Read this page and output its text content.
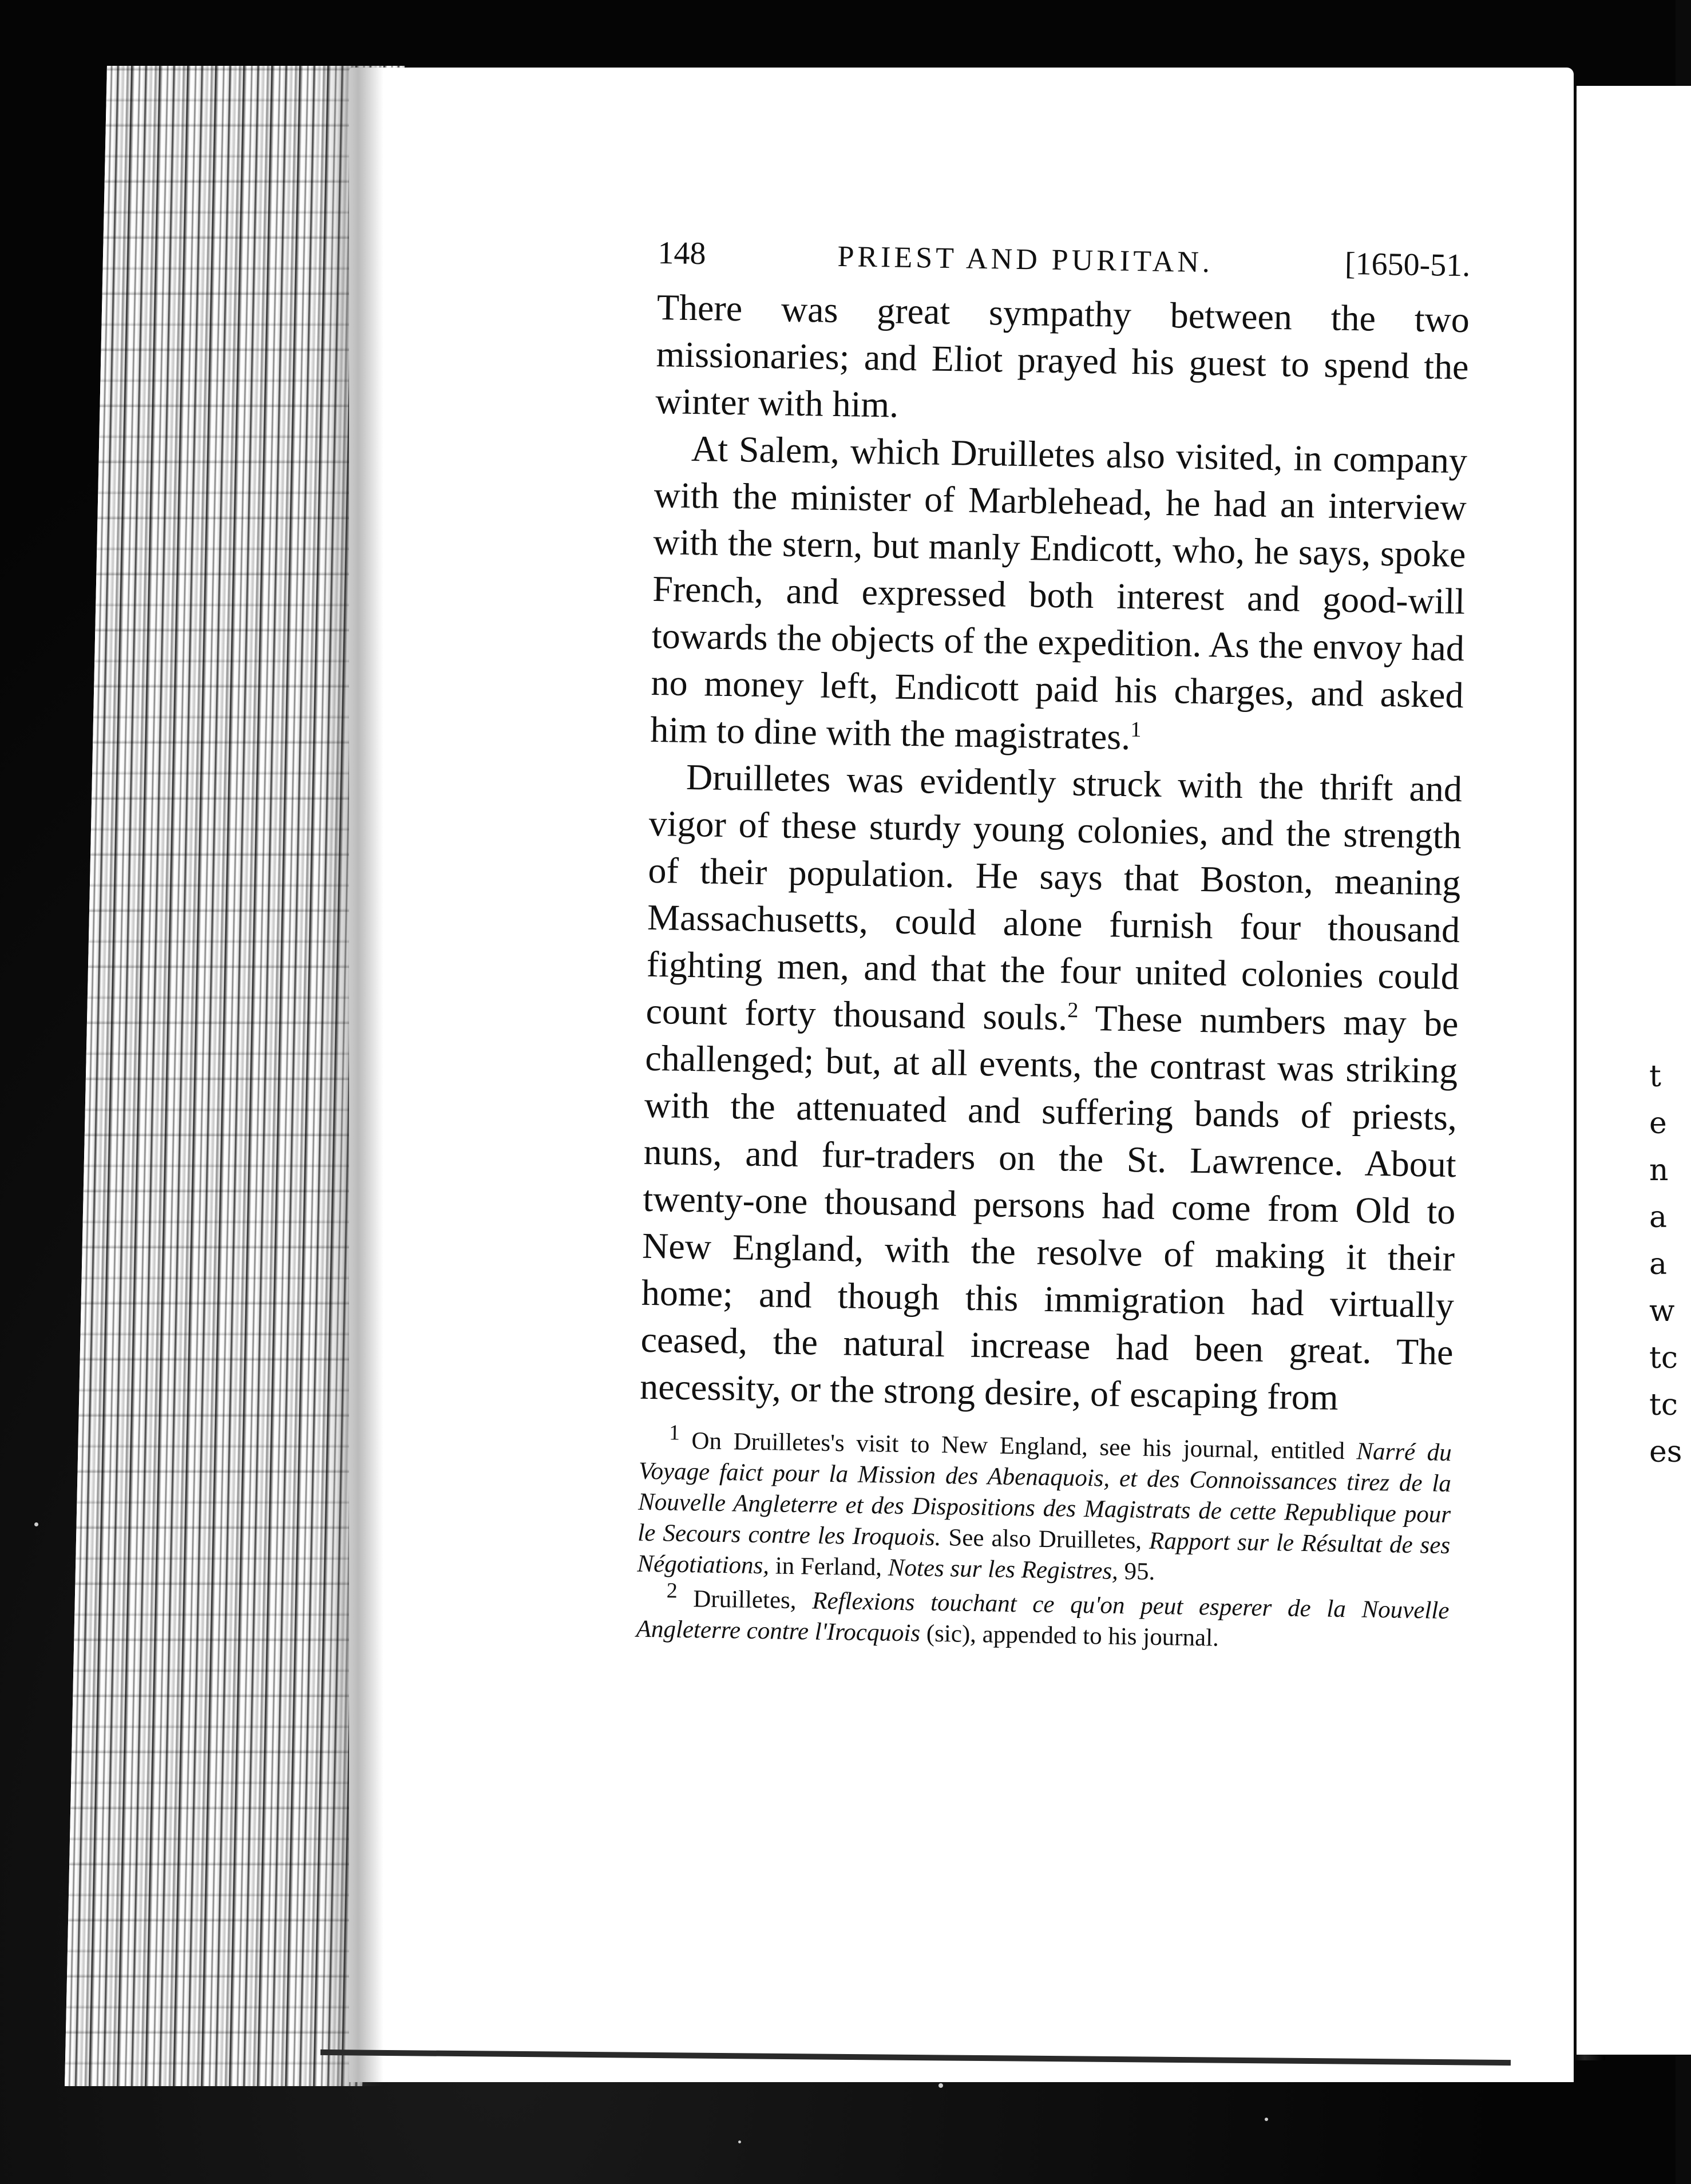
t
e
n
a
a
w
tc
tc
es
148	PRIEST AND PURITAN.	[1650-51.

There was great sympathy between the two missionaries; and Eliot prayed his guest to spend the winter with him.

At Salem, which Druilletes also visited, in company with the minister of Marblehead, he had an interview with the stern, but manly Endicott, who, he says, spoke French, and expressed both interest and good-will towards the objects of the expedition. As the envoy had no money left, Endicott paid his charges, and asked him to dine with the magistrates.$^1$

Druilletes was evidently struck with the thrift and vigor of these sturdy young colonies, and the strength of their population. He says that Boston, meaning Massachusetts, could alone furnish four thousand fighting men, and that the four united colonies could count forty thousand souls.$^2$ These numbers may be challenged; but, at all events, the contrast was striking with the attenuated and suffering bands of priests, nuns, and fur-traders on the St. Lawrence. About twenty-one thousand persons had come from Old to New England, with the resolve of making it their home; and though this immigration had virtually ceased, the natural increase had been great. The necessity, or the strong desire, of escaping from

1 On Druilletes's visit to New England, see his journal, entitled Narré du Voyage faict pour la Mission des Abenaquois, et des Connoissances tirez de la Nouvelle Angleterre et des Dispositions des Magistrats de cette Republique pour le Secours contre les Iroquois. See also Druilletes, Rapport sur le Résultat de ses Négotiations, in Ferland, Notes sur les Registres, 95.

2 Druilletes, Reflexions touchant ce qu'on peut esperer de la Nouvelle Angleterre contre l'Irocquois (sic), appended to his journal.
